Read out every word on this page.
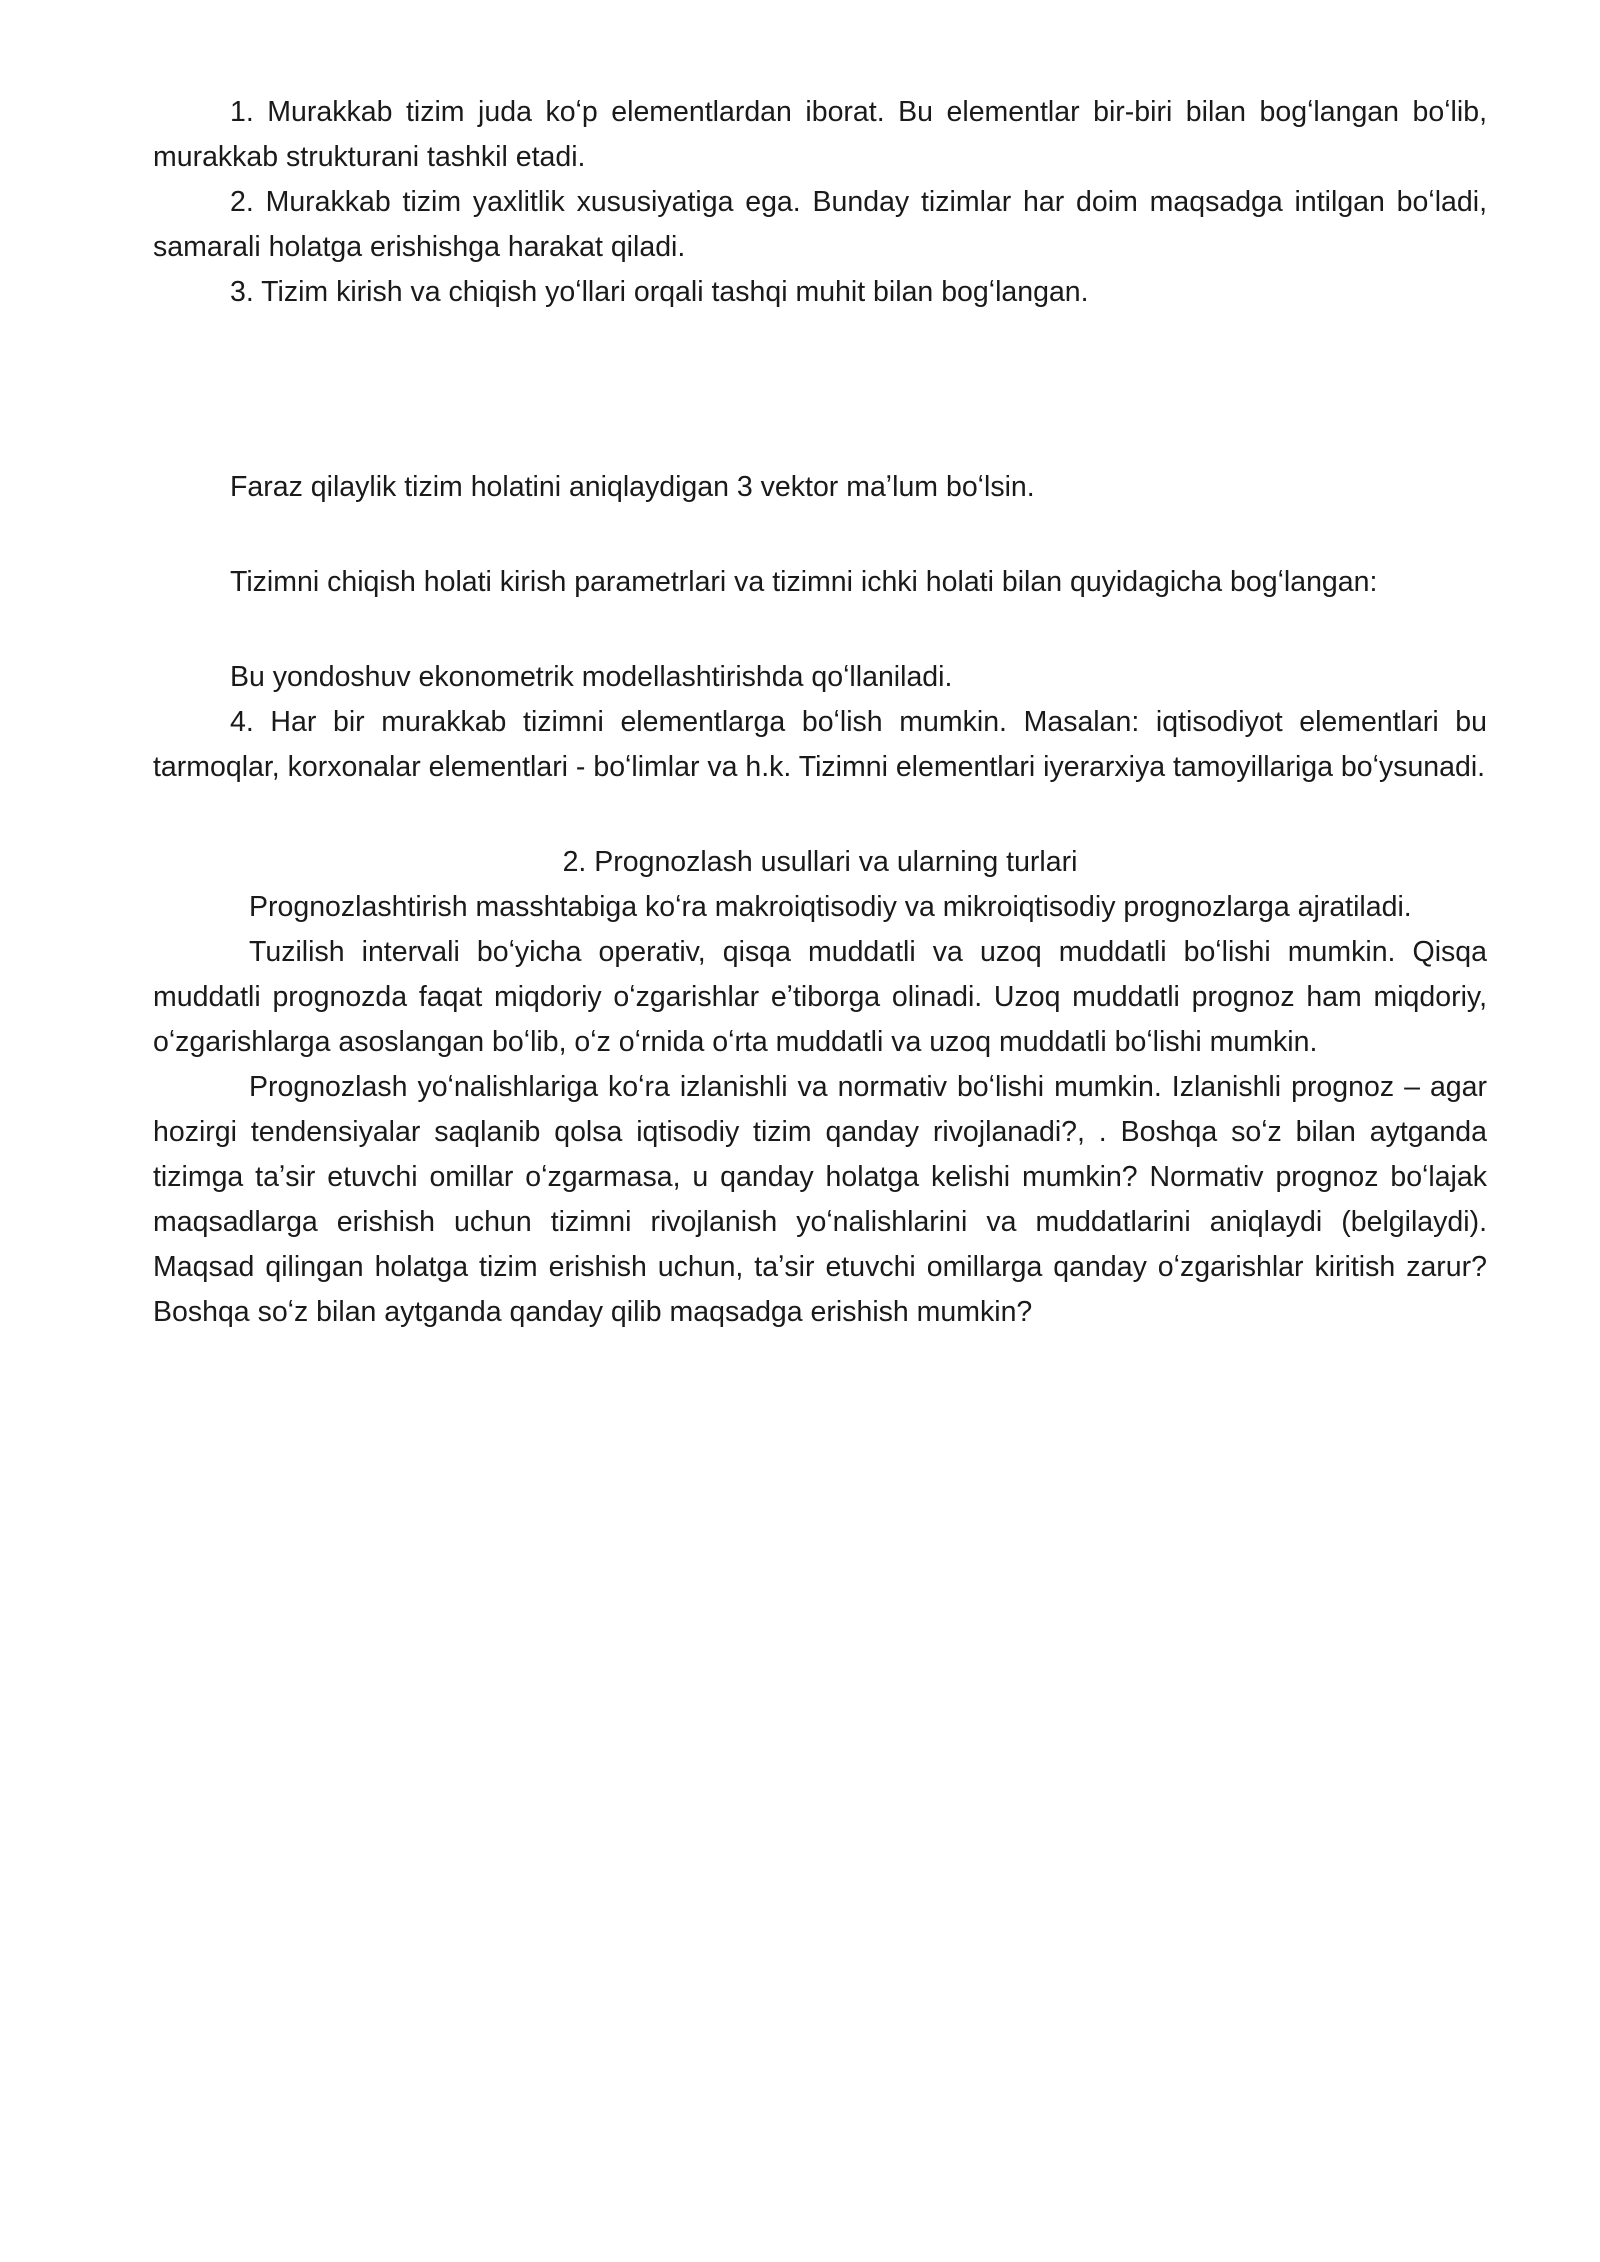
1. Murakkab tizim juda koʻp elementlardan iborat. Bu elementlar bir-biri bilan bogʻlangan boʻlib, murakkab strukturani tashkil etadi.

2. Murakkab tizim yaxlitlik xususiyatiga ega. Bunday tizimlar har doim maqsadga intilgan boʻladi, samarali holatga erishishga harakat qiladi.

3. Tizim kirish va chiqish yoʻllari orqali tashqi muhit bilan bogʻlangan.

Faraz qilaylik tizim holatini aniqlaydigan 3 vektor maʼlum boʻlsin.

Tizimni chiqish holati kirish parametrlari va tizimni ichki holati bilan quyidagicha bogʻlangan:

Bu yondoshuv ekonometrik modellashtirishda qoʻllaniladi.

4. Har bir murakkab tizimni elementlarga boʻlish mumkin. Masalan: iqtisodiyot elementlari bu tarmoqlar, korxonalar elementlari - boʻlimlar va h.k. Tizimni elementlari iyerarxiya tamoyillariga boʻysunadi.

2. Prognozlash usullari va ularning turlari

Prognozlashtirish masshtabiga koʻra makroiqtisodiy va mikroiqtisodiy prognozlarga ajratiladi.

Tuzilish intervali boʻyicha operativ, qisqa muddatli va uzoq muddatli boʻlishi mumkin. Qisqa muddatli prognozda faqat miqdoriy oʻzgarishlar eʼtiborga olinadi. Uzoq muddatli prognoz ham miqdoriy, oʻzgarishlarga asoslangan boʻlib, oʻz oʻrnida oʻrta muddatli va uzoq muddatli boʻlishi mumkin.

Prognozlash yoʻnalishlariga koʻra izlanishli va normativ boʻlishi mumkin. Izlanishli prognoz – agar hozirgi tendensiyalar saqlanib qolsa iqtisodiy tizim qanday rivojlanadi?, . Boshqa soʻz bilan aytganda tizimga taʼsir etuvchi omillar oʻzgarmasa, u qanday holatga kelishi mumkin? Normativ prognoz boʻlajak maqsadlarga erishish uchun tizimni rivojlanish yoʻnalishlarini va muddatlarini aniqlaydi (belgilaydi). Maqsad qilingan holatga tizim erishish uchun, taʼsir etuvchi omillarga qanday oʻzgarishlar kiritish zarur? Boshqa soʻz bilan aytganda qanday qilib maqsadga erishish mumkin?
